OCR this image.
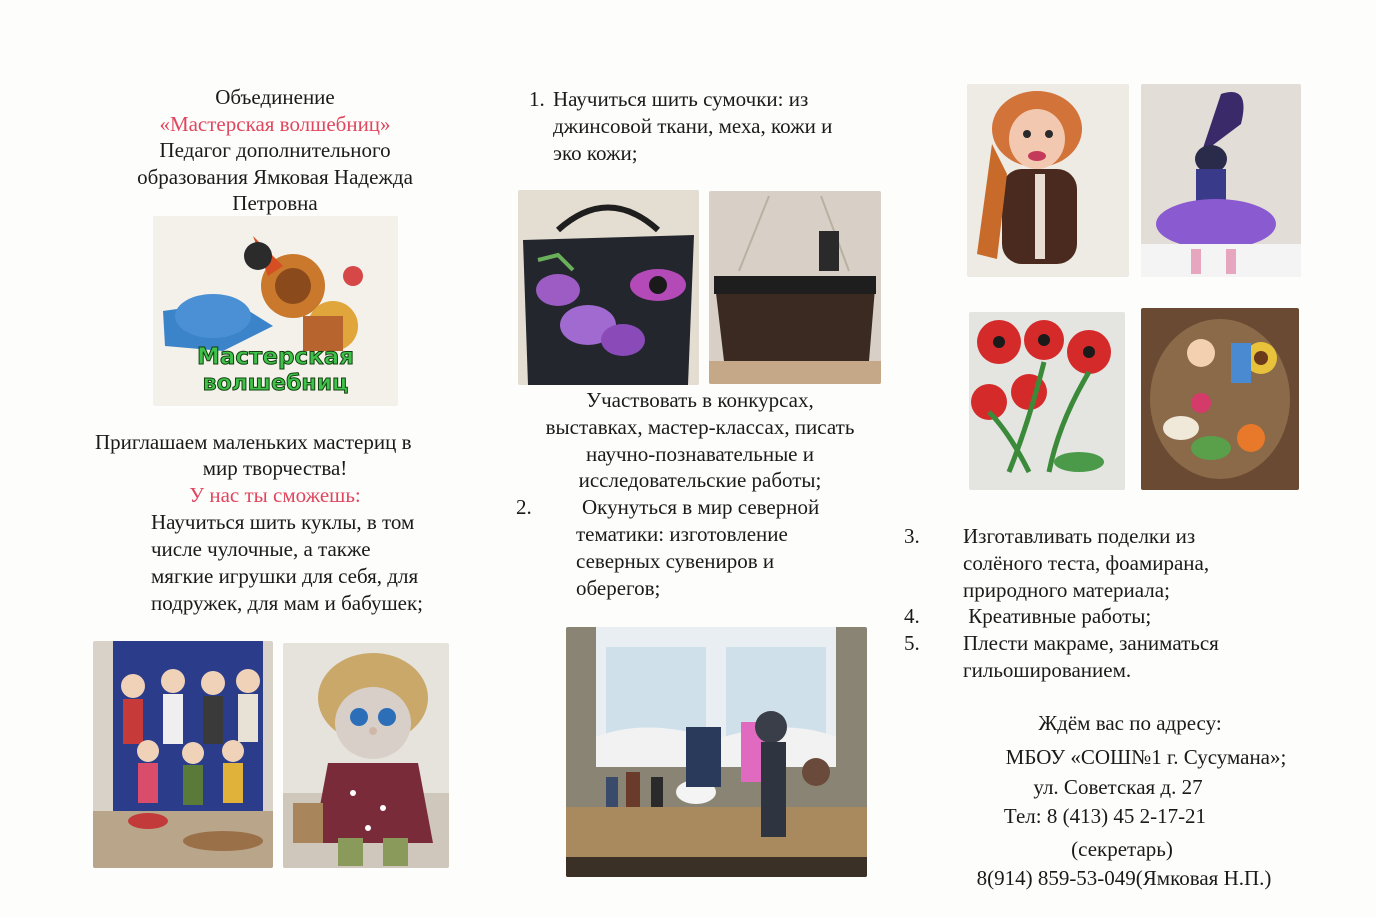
Объединение
«Мастерская волшебниц»
Педагог дополнительного
образования Ямковая Надежда
Петровна
Мастерская
волшебниц
Приглашаем маленьких мастериц в
мир творчества!
У нас ты сможешь:
Научиться шить куклы, в том
числе чулочные, а также
мягкие игрушки для себя, для
подружек, для мам и бабушек;
1. Научиться шить сумочки: из
джинсовой ткани, меха, кожи и
эко кожи;
Участвовать в конкурсах,
выставках, мастер-классах, писать
научно-познавательные и
исследовательские работы;
2. Окунуться в мир северной
тематики: изготовление
северных сувениров и
оберегов;
3. Изготавливать поделки из
солёного теста, фоамирана,
природного материала;
4. Креативные работы;
5. Плести макраме, заниматься
гильошированием.
Ждём вас по адресу:
МБОУ «СОШ№1 г. Сусумана»;
ул. Советская д. 27
Тел: 8 (413) 45 2-17-21
(секретарь)
8(914) 859-53-049(Ямковая Н.П.)
